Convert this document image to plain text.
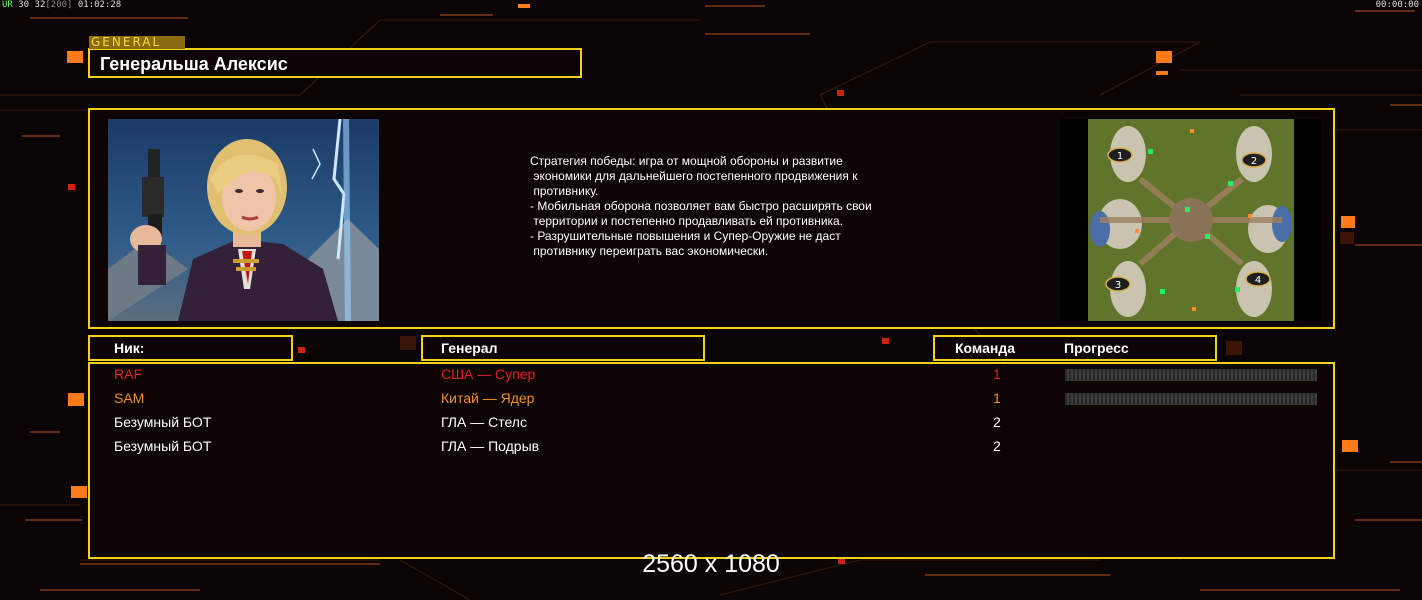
UR 30 32[200] 01:02:28	00:00:00
GENERAL
Генеральша Алексис
Стратегия победы: игра от мощной обороны и развитие
экономики для дальнейшего постепенного продвижения к
противнику.
- Мобильная оборона позволяет вам быстро расширять свои
территории и постепенно продавливать ей противника.
- Разрушительные повышения и Супер-Оружие не даст
противнику переиграть вас экономически.
1	2
3	4
Ник:	Генерал	Команда	Прогресс
RAF	США — Супер	1
SAM	Китай — Ядер	1
Безумный БОТ	ГЛА — Стелс	2
Безумный БОТ	ГЛА — Подрыв	2
2560 x 1080
